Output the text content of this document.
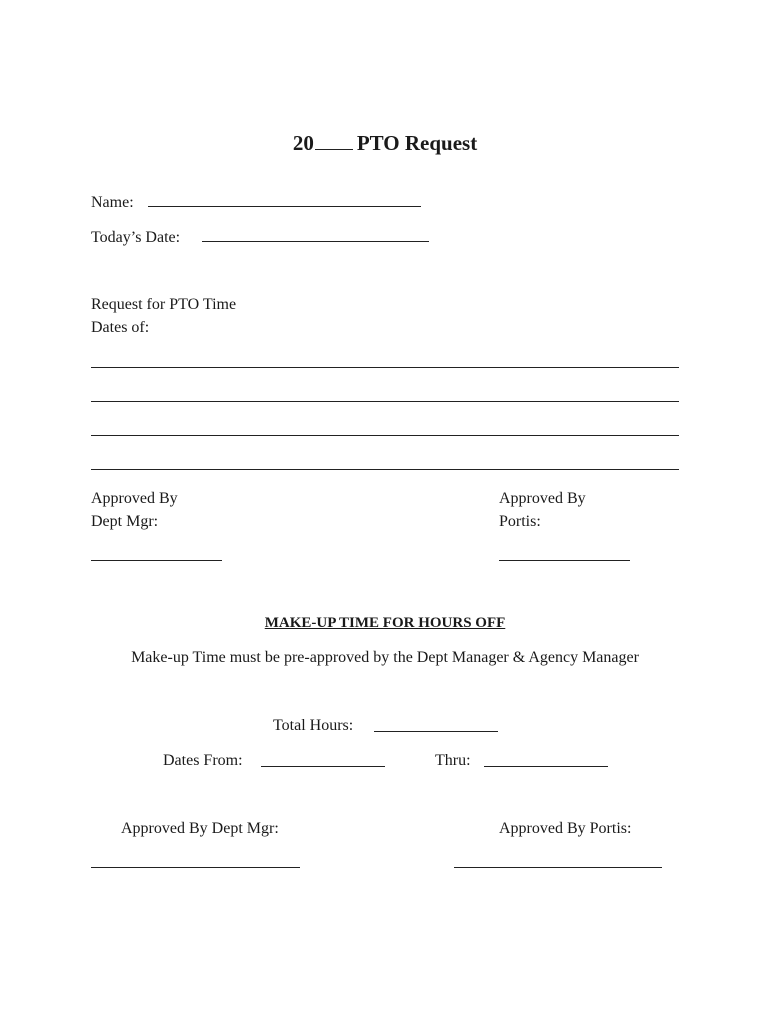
20 PTO Request
Name:
Today’s Date:
Request for PTO Time
Dates of:
Approved By
Dept Mgr:
Approved By
Portis:
MAKE-UP TIME FOR HOURS OFF
Make-up Time must be pre-approved by the Dept Manager & Agency Manager
Total Hours:
Dates From:	Thru:
Approved By Dept Mgr:	Approved By Portis:
